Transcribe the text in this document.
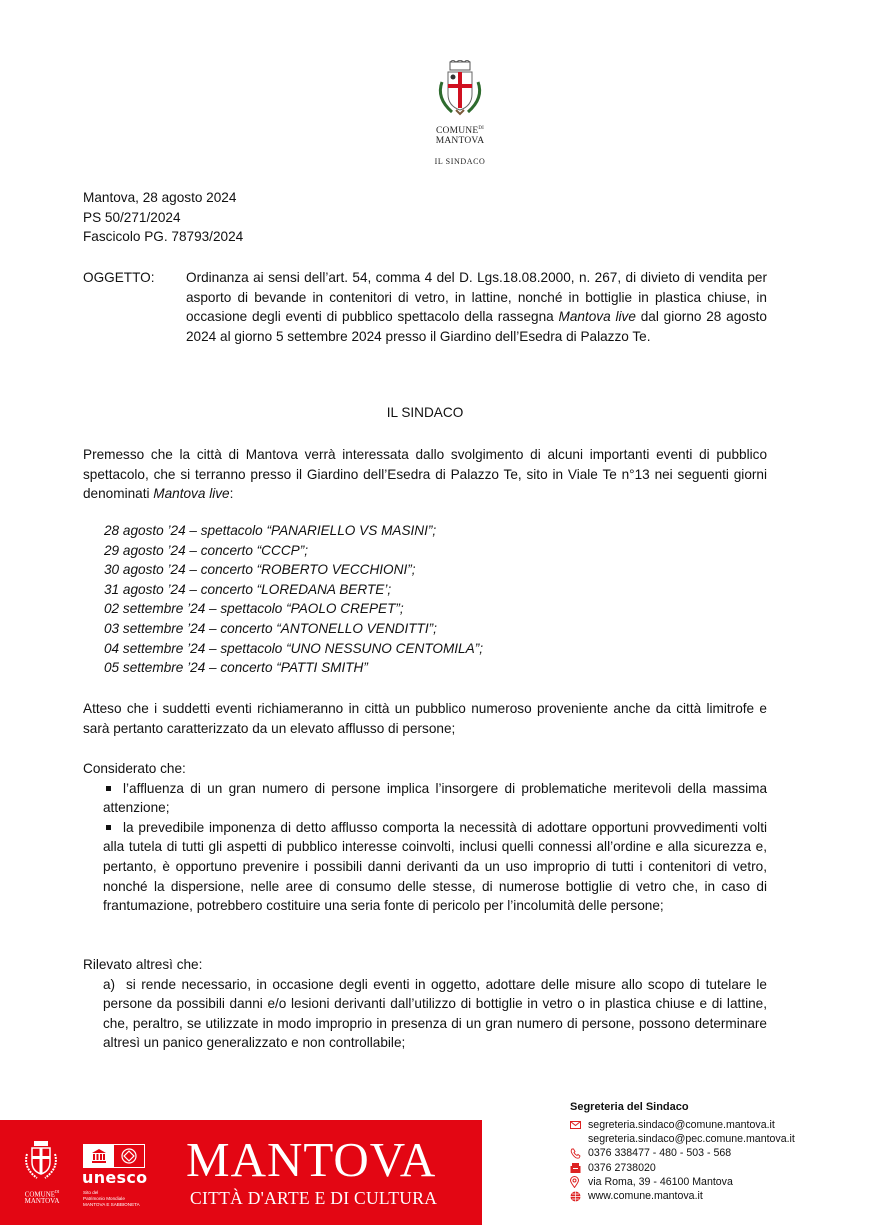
$COMUNE^{DI}$
MANTOVA
IL SINDACO
Mantova, 28 agosto 2024
PS 50/271/2024
Fascicolo PG. 78793/2024
OGGETTO:	Ordinanza ai sensi dell’art. 54, comma 4 del D. Lgs.18.08.2000, n. 267, di divieto di vendita per asporto di bevande in contenitori di vetro, in lattine, nonché in bottiglie in plastica chiuse, in occasione degli eventi di pubblico spettacolo della rassegna Mantova live dal giorno 28 agosto 2024 al giorno 5 settembre 2024 presso il Giardino dell’Esedra di Palazzo Te.
IL SINDACO
Premesso che la città di Mantova verrà interessata dallo svolgimento di alcuni importanti eventi di pubblico spettacolo, che si terranno presso il Giardino dell’Esedra di Palazzo Te, sito in Viale Te n°13 nei seguenti giorni denominati Mantova live:
28 agosto ’24 – spettacolo “PANARIELLO VS MASINI”;
29 agosto ’24 – concerto “CCCP”;
30 agosto ’24 – concerto “ROBERTO VECCHIONI”;
31 agosto ’24 – concerto “LOREDANA BERTE’;
02 settembre ’24 – spettacolo “PAOLO CREPET”;
03 settembre ’24 – concerto “ANTONELLO VENDITTI”;
04 settembre ’24 – spettacolo “UNO NESSUNO CENTOMILA”;
05 settembre ’24 – concerto “PATTI SMITH”
Atteso che i suddetti eventi richiameranno in città un pubblico numeroso proveniente anche da città limitrofe e sarà pertanto caratterizzato da un elevato afflusso di persone;
Considerato che:
l’affluenza di un gran numero di persone implica l’insorgere di problematiche meritevoli della massima attenzione;
la prevedibile imponenza di detto afflusso comporta la necessità di adottare opportuni provvedimenti volti alla tutela di tutti gli aspetti di pubblico interesse coinvolti, inclusi quelli connessi all’ordine e alla sicurezza e, pertanto, è opportuno prevenire i possibili danni derivanti da un uso improprio di tutti i contenitori di vetro, nonché la dispersione, nelle aree di consumo delle stesse, di numerose bottiglie di vetro che, in caso di frantumazione, potrebbero costituire una seria fonte di pericolo per l’incolumità delle persone;
Rilevato altresì che:
a) si rende necessario, in occasione degli eventi in oggetto, adottare delle misure allo scopo di tutelare le persone da possibili danni e/o lesioni derivanti dall’utilizzo di bottiglie in vetro o in plastica chiuse e di lattine, che, peraltro, se utilizzate in modo improprio in presenza di un gran numero di persone, possono determinare altresì un panico generalizzato e non controllabile;
$COMUNE^{DI}$
MANTOVA
unesco
Sito del
Patrimonio Mondiale
MANTOVA E SABBIONETA
MANTOVA
CITTÀ D'ARTE E DI CULTURA
Segreteria del Sindaco
segreteria.sindaco@comune.mantova.it
segreteria.sindaco@pec.comune.mantova.it
0376 338477 - 480 - 503 - 568
0376 2738020
via Roma, 39 - 46100 Mantova
www.comune.mantova.it
